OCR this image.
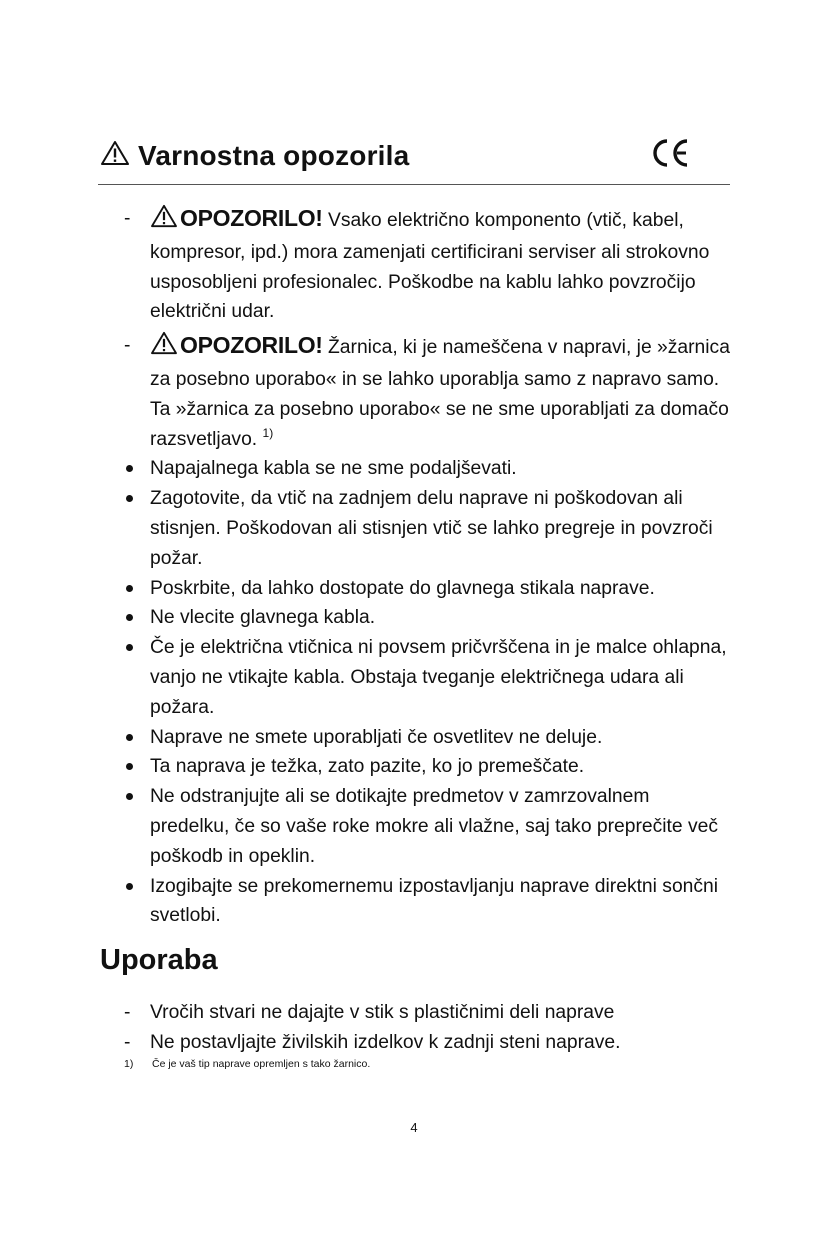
Varnostna opozorila
-	OPOZORILO! Vsako električno komponento (vtič, kabel, kompresor, ipd.) mora zamenjati certificirani serviser ali strokovno usposobljeni profesionalec. Poškodbe na kablu lahko povzročijo električni udar.
-	OPOZORILO! Žarnica, ki je nameščena v napravi, je »žarnica za posebno uporabo« in se lahko uporablja samo z napravo samo. Ta »žarnica za posebno uporabo« se ne sme uporabljati za domačo razsvetljavo. $^{1)}$
Napajalnega kabla se ne sme podaljševati.
Zagotovite, da vtič na zadnjem delu naprave ni poškodovan ali stisnjen. Poškodovan ali stisnjen vtič se lahko pregreje in povzroči požar.
Poskrbite, da lahko dostopate do glavnega stikala naprave.
Ne vlecite glavnega kabla.
Če je električna vtičnica ni povsem pričvrščena in je malce ohlapna, vanjo ne vtikajte kabla. Obstaja tveganje električnega udara ali požara.
Naprave ne smete uporabljati če osvetlitev ne deluje.
Ta naprava je težka, zato pazite, ko jo premeščate.
Ne odstranjujte ali se dotikajte predmetov v zamrzovalnem predelku, če so vaše roke mokre ali vlažne, saj tako preprečite več poškodb in opeklin.
Izogibajte se prekomernemu izpostavljanju naprave direktni sončni svetlobi.
Uporaba
-	Vročih stvari ne dajajte v stik s plastičnimi deli naprave
-	Ne postavljajte živilskih izdelkov k zadnji steni naprave.
1) Če je vaš tip naprave opremljen s tako žarnico.
4
